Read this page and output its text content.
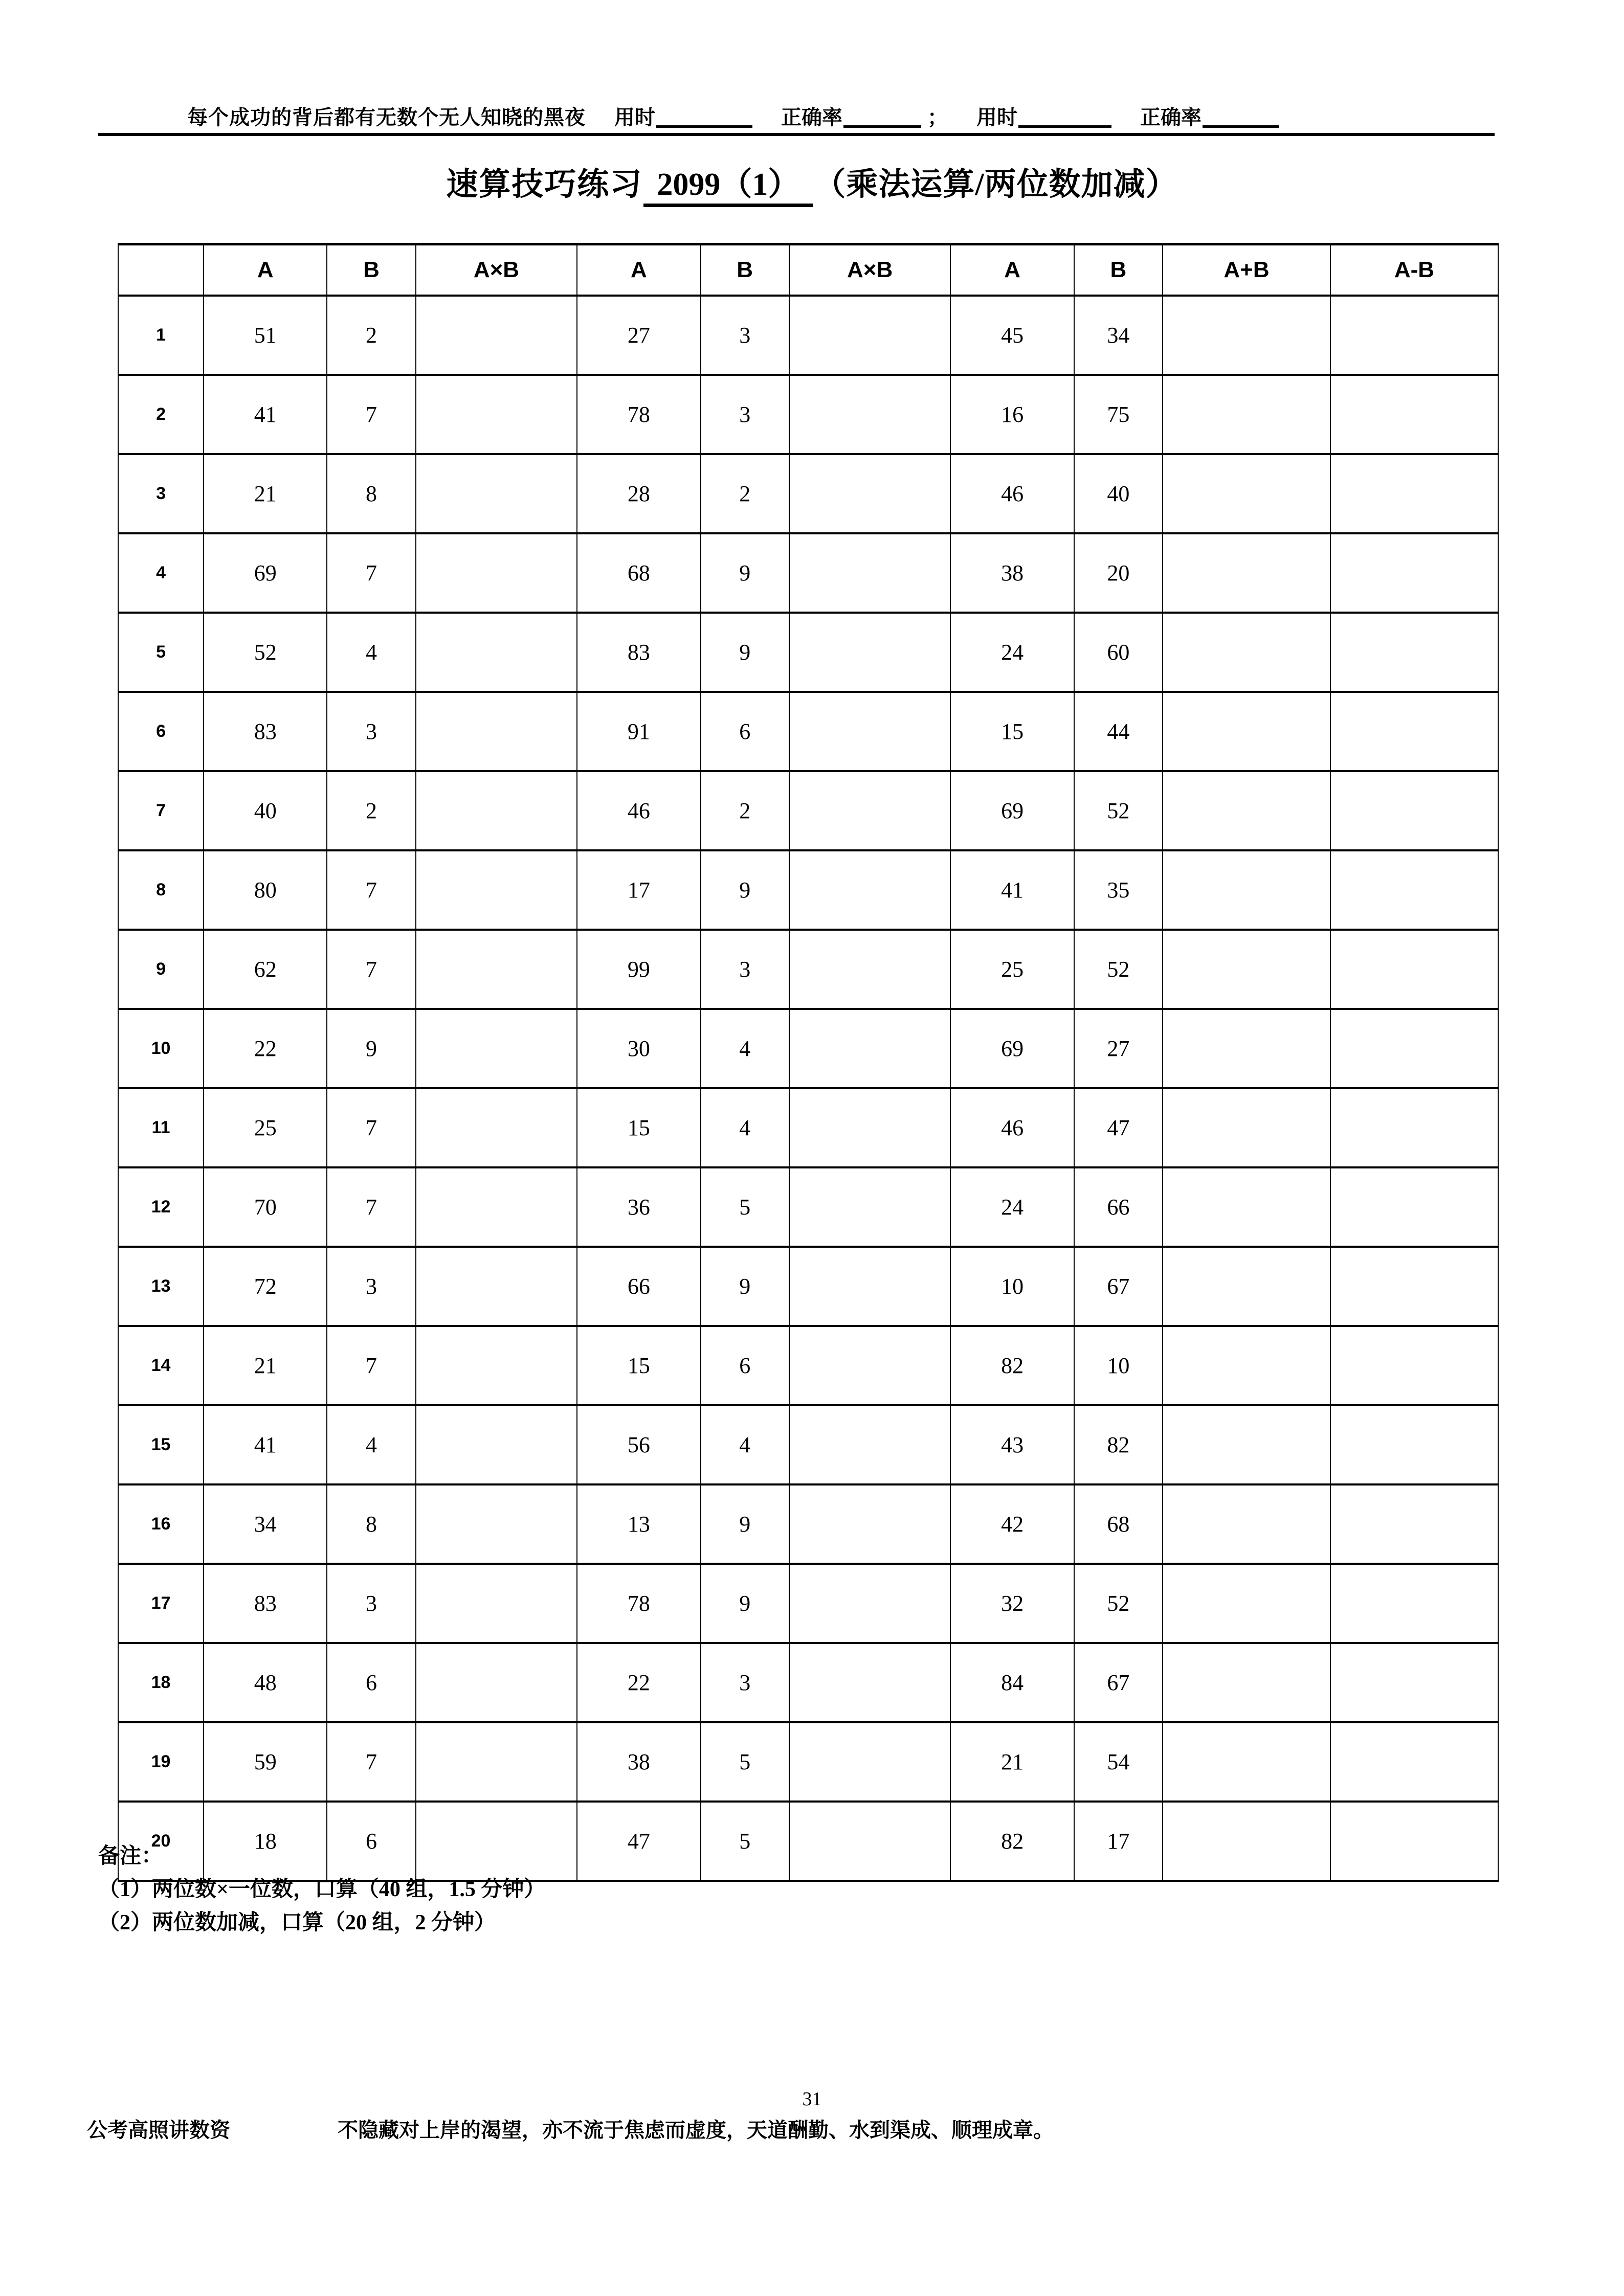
每个成功的背后都有无数个无人知晓的黑夜 用时	正确率	； 用时	正确率
速算技巧练习 2099（1） （乘法运算/两位数加减）
	A	B	A×B	A	B	A×B	A	B	A+B	A-B
1	51	2		27	3		45	34		
2	41	7		78	3		16	75		
3	21	8		28	2		46	40		
4	69	7		68	9		38	20		
5	52	4		83	9		24	60		
6	83	3		91	6		15	44		
7	40	2		46	2		69	52		
8	80	7		17	9		41	35		
9	62	7		99	3		25	52		
10	22	9		30	4		69	27		
11	25	7		15	4		46	47		
12	70	7		36	5		24	66		
13	72	3		66	9		10	67		
14	21	7		15	6		82	10		
15	41	4		56	4		43	82		
16	34	8		13	9		42	68		
17	83	3		78	9		32	52		
18	48	6		22	3		84	67		
19	59	7		38	5		21	54		
20	18	6		47	5		82	17		
备注：
（1）两位数×一位数，口算（40 组，1.5 分钟）
（2）两位数加减，口算（20 组，2 分钟）
31
公考高照讲数资	不隐藏对上岸的渴望，亦不流于焦虑而虚度，天道酬勤、水到渠成、顺理成章。
